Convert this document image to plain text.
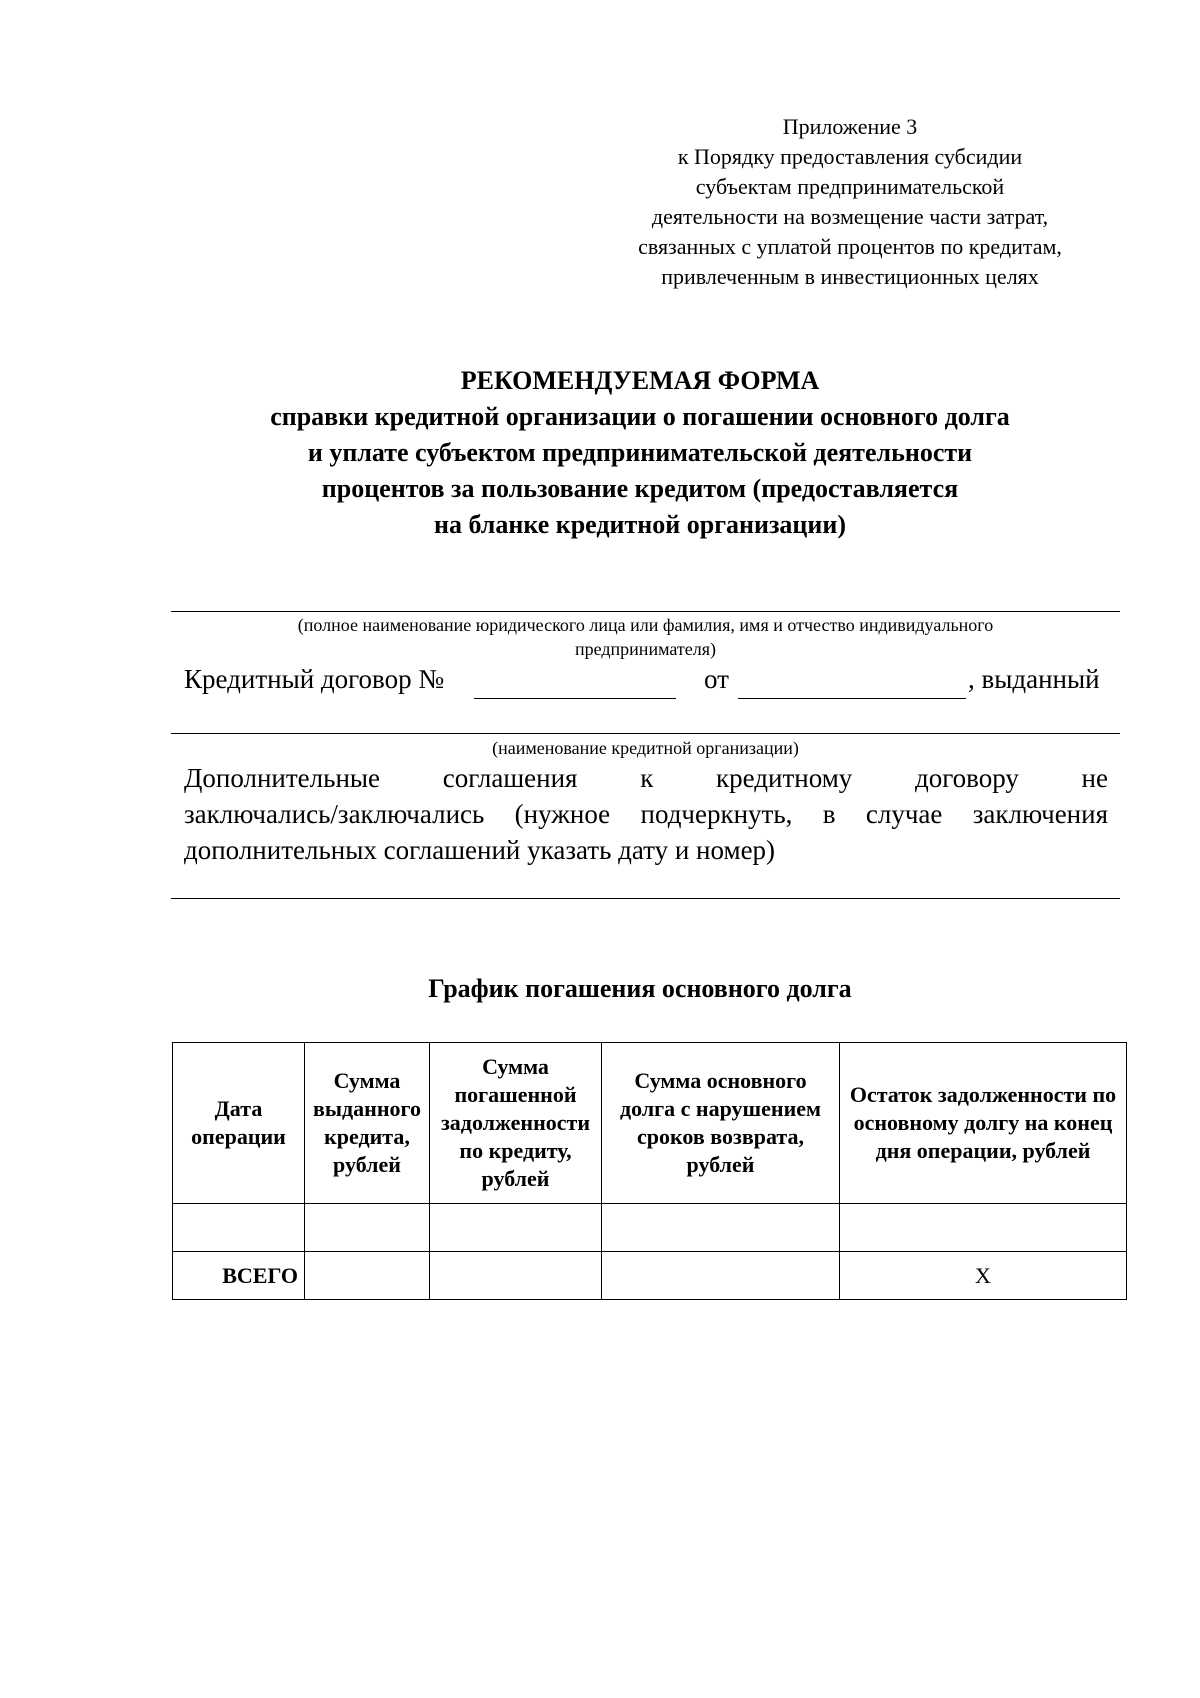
Приложение 3
к Порядку предоставления субсидии
субъектам предпринимательской
деятельности на возмещение части затрат,
связанных с уплатой процентов по кредитам,
привлеченным в инвестиционных целях
РЕКОМЕНДУЕМАЯ ФОРМА
справки кредитной организации о погашении основного долга
и уплате субъектом предпринимательской деятельности
процентов за пользование кредитом (предоставляется
на бланке кредитной организации)
(полное наименование юридического лица или фамилия, имя и отчество индивидуального
предпринимателя)
Кредитный договор №	от	, выданный
(наименование кредитной организации)
Дополнительные соглашения к кредитному договору не
заключались/заключались (нужное подчеркнуть, в случае заключения дополнительных соглашений указать дату и номер)
График погашения основного долга
Дата операции	Сумма выданного кредита, рублей	Сумма погашенной задолженности по кредиту, рублей	Сумма основного долга с нарушением сроков возврата, рублей	Остаток задолженности по основному долгу на конец дня операции, рублей

ВСЕГО				Х
